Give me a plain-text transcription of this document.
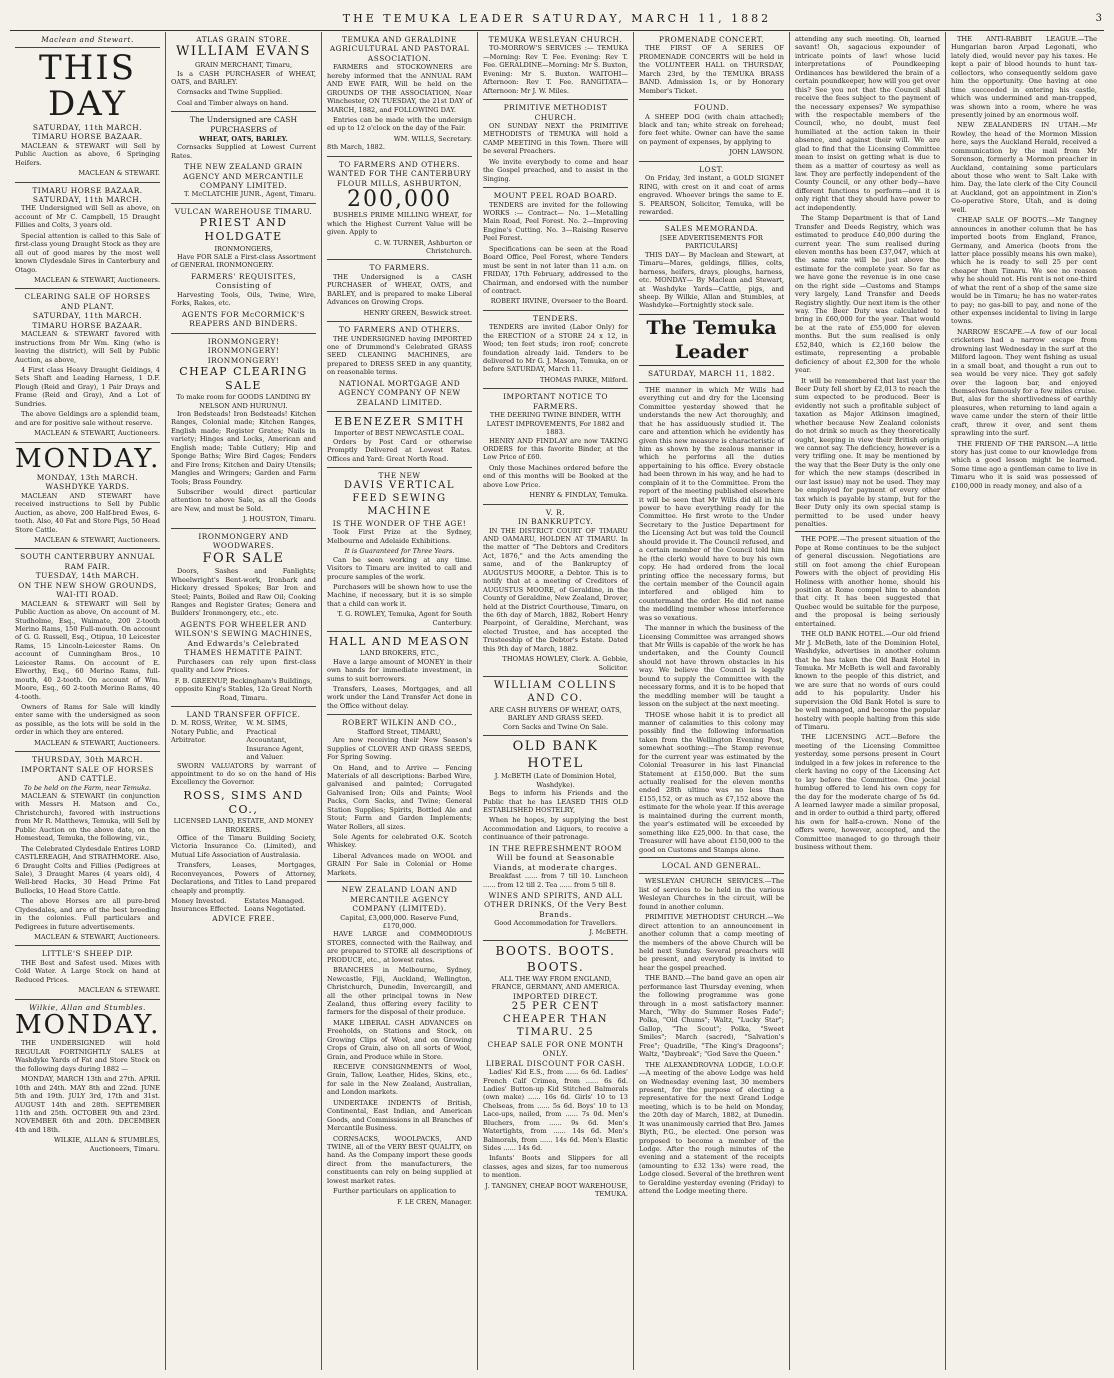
THE TEMUKA LEADER SATURDAY, MARCH 11, 1882	3
Maclean and Stewart.
THIS DAY
SATURDAY, 11th MARCH.
TIMARU HORSE BAZAAR.

MACLEAN & STEWART will Sell by Public Auction as above, 6 Springing Heifers.

MACLEAN & STEWART.
TIMARU HORSE BAZAAR.
SATURDAY, 11th MARCH.

THE Undersigned will Sell as above, on account of Mr C. Campbell, 15 Draught Fillies and Colts, 3 years old.

Special attention is called to this Sale of first-class young Draught Stock as they are all out of good mares by the most well known Clydesdale Sires in Canterbury and Otago.

MACLEAN & STEWART, Auctioneers.
CLEARING SALE OF HORSES AND PLANT.
SATURDAY, 11th MARCH.
TIMARU HORSE BAZAAR.

MACLEAN & STEWART favored with instructions from Mr Wm. King (who is leaving the district), will Sell by Public Auction, as above,

4 First class Heavy Draught Geldings, 4 Sets Shaft and Leading Harness, 1 D.F. Plough (Reid and Gray), 1 Pair Drays and Frame (Reid and Gray), And a Lot of Sundries.

The above Geldings are a splendid team, and are for positive sale without reserve.

MACLEAN & STEWART, Auctioneers.
MONDAY.
MONDAY, 13th MARCH.
WASHDYKE YARDS.

MACLEAN AND STEWART have received instructions to Sell by Public Auction, as above, 200 Half-bred Ewes, 6-tooth. Also, 40 Fat and Store Pigs, 50 Head Store Cattle.

MACLEAN & STEWART, Auctioneers.
SOUTH CANTERBURY ANNUAL RAM FAIR.
TUESDAY, 14th MARCH.
ON THE NEW SHOW GROUNDS, WAI-ITI ROAD.

MACLEAN & STEWART will Sell by Public Auction as above, On account of M. Studholme, Esq., Waimate, 200 2-tooth Merino Rams, 150 Full-mouth. On account of G. G. Russell, Esq., Otipua, 10 Leicester Rams, 15 Lincoln-Leicester Rams. On account of Cunningham Bros., 10 Leicester Rams. On account of E. Elworthy, Esq., 60 Merino Rams, full-mouth, 40 2-tooth. On account of Wm. Moore, Esq., 60 2-tooth Merino Rams, 40 4-tooth.

Owners of Rams for Sale will kindly enter same with the undersigned as soon as possible, as the lots will be sold in the order in which they are entered.

MACLEAN & STEWART, Auctioneers.
THURSDAY, 30th MARCH.
IMPORTANT SALE OF HORSES AND CATTLE.
To be held on the Farm, near Temuka.

MACLEAN & STEWART (in conjunction with Messrs H. Matson and Co., Christchurch), favored with instructions from Mr R. Matthews, Temuka, will Sell by Public Auction on the above date, on the Homestead, Temuka, the following, viz.,

The Celebrated Clydesdale Entires LORD CASTLEREAGH, And STRATHMORE. Also, 6 Draught Colts and Fillies (Pedigrees at Sale), 3 Draught Mares (4 years old), 4 Well-bred Hacks, 30 Head Prime Fat Bullocks, 10 Head Store Cattle.

The above Horses are all pure-bred Clydesdales, and are of the best breeding in the colonies. Full particulars and Pedigrees in future advertisements.

MACLEAN & STEWART, Auctioneers.
LITTLE'S SHEEP DIP.

THE Best and Safest used. Mixes with Cold Water. A Large Stock on hand at Reduced Prices.

MACLEAN & STEWART.
Wilkie, Allan and Stumbles.
MONDAY.

THE UNDERSIGNED will hold REGULAR FORTNIGHTLY SALES at Washdyke Yards of Fat and Store Stock on the following days during 1882 —

MONDAY, MARCH 13th and 27th. APRIL 10th and 24th. MAY 8th and 22nd. JUNE 5th and 19th. JULY 3rd, 17th and 31st. AUGUST 14th and 28th. SEPTEMBER 11th and 25th. OCTOBER 9th and 23rd. NOVEMBER 6th and 20th. DECEMBER 4th and 18th.

WILKIE, ALLAN & STUMBLES, Auctioneers, Timaru.
ATLAS GRAIN STORE.
WILLIAM EVANS
GRAIN MERCHANT, Timaru,

Is a CASH PURCHASER of WHEAT, OATS, and BARLEY.

Cornsacks and Twine Supplied.

Coal and Timber always on hand.

The Undersigned are CASH PURCHASERS of
WHEAT, OATS, BARLEY.

Cornsacks Supplied at Lowest Current Rates.

THE NEW ZEALAND GRAIN AGENCY AND MERCANTILE COMPANY LIMITED.
T. McCLATCHIE JUNR., Agent, Timaru.
VULCAN WAREHOUSE TIMARU.
PRIEST AND HOLDGATE
IRONMONGERS,

Have FOR SALE a First-class Assortment of GENERAL IRONMONGERY.

FARMERS' REQUISITES, Consisting of

Harvesting Tools, Oils, Twine, Wire, Forks, Rakes, etc.

AGENTS FOR McCORMICK'S REAPERS AND BINDERS.
IRONMONGERY! IRONMONGERY! IRONMONGERY!
CHEAP CLEARING SALE
To make room for GOODS LANDING BY NELSON AND HURUNUI.

Iron Bedsteads! Iron Bedsteads! Kitchen Ranges, Colonial made; Kitchen Ranges, English made; Register Grates; Nails in variety; Hinges and Locks, American and English made; Table Cutlery; Hip and Sponge Baths; Wire Bird Cages; Fenders and Fire Irons; Kitchen and Dairy Utensils; Mangles and Wringers; Garden and Farm Tools; Brass Foundry.

Subscriber would direct particular attention to above Sale, as all the Goods are New, and must be Sold.

J. HOUSTON, Timaru.
IRONMONGERY AND WOODWARES.
FOR SALE

Doors, Sashes and Fanlights; Wheelwright's Bent-work, Ironbark and Hickory dressed Spokes; Bar Iron and Steel; Paints, Boiled and Raw Oil; Cooking Ranges and Register Grates; Genera and Builders' Ironmongery, etc., etc.

AGENTS FOR WHEELER AND WILSON'S SEWING MACHINES, And Edwards's Celebrated THAMES HEMATITE PAINT.

Purchasers can rely upon first-class quality and Low Prices.

F. B. GREENUP, Beckingham's Buildings, opposite King's Stables, 12a Great North Road, Timaru.
LAND TRANSFER OFFICE.
D. M. ROSS, Writer, Notary Public, and Arbitrator.
W. M. SIMS, Practical Accountant, Insurance Agent, and Valuer.

SWORN VALUATORS by warrant of appointment to do so on the hand of His Excellency the Governor.

ROSS, SIMS AND CO.,
LICENSED LAND, ESTATE, AND MONEY BROKERS.

Office of the Timaru Building Society, Victoria Insurance Co. (Limited), and Mutual Life Association of Australasia.

Transfers, Leases, Mortgages, Reconveyances, Powers of Attorney, Declarations, and Titles to Land prepared cheaply and promptly.

Money Invested. Insurances Effected.
Estates Managed. Loans Negotiated.
ADVICE FREE.
TEMUKA AND GERALDINE AGRICULTURAL AND PASTORAL ASSOCIATION.

FARMERS and STOCKOWNERS are hereby informed that the ANNUAL RAM AND EWE FAIR, Will be held on the GROUNDS OF THE ASSOCIATION, Near Winchester, ON TUESDAY, the 21st DAY of MARCH, 1882, and FOLLOWING DAY.

Entries can be made with the undersign ed up to 12 o'clock on the day of the Fair.

WM. WILLS, Secretary.
8th March, 1882.
TO FARMERS AND OTHERS.
WANTED FOR THE CANTERBURY FLOUR MILLS, ASHBURTON,
200,000

BUSHELS PRIME MILLING WHEAT, for which the Highest Current Value will be given. Apply to

C. W. TURNER, Ashburton or Christchurch.
TO FARMERS.

THE Undersigned is a CASH PURCHASER of WHEAT, OATS, and BARLEY, and is prepared to make Liberal Advances on Growing Crops.

HENRY GREEN, Beswick street.
TO FARMERS AND OTHERS.

THE UNDERSIGNED having IMPORTED one of Drummond's Celebrated GRASS SEED CLEANING MACHINES, are prepared to DRESS SEED in any quantity, on reasonable terms.

NATIONAL MORTGAGE AND AGENCY COMPANY OF NEW ZEALAND LIMITED.
EBENEZER SMITH
Importer of BEST NEWCASTLE COAL.

Orders by Post Card or otherwise Promptly Delivered at Lowest Rates. Offices and Yard: Great North Road.

THE NEW
DAVIS VERTICAL FEED SEWING MACHINE
IS THE WONDER OF THE AGE!

Took First Prize at the Sydney, Melbourne and Adelaide Exhibitions.

It is Guaranteed for Three Years.

Can be seen working at any time. Visitors to Timaru are invited to call and procure samples of the work.

Purchasers will be shown how to use the Machine, if necessary, but it is so simple that a child can work it.

T. G. ROWLEY, Temuka, Agent for South Canterbury.
HALL AND MEASON
LAND BROKERS, ETC.,

Have a large amount of MONEY in their own hands for immediate investment, in sums to suit borrowers.

Transfers, Leases, Mortgages, and all work under the Land Transfer Act done in the Office without delay.

ROBERT WILKIN AND CO.,
Stafford Street, TIMARU,

Are now receiving their New Season's Supplies of CLOVER AND GRASS SEEDS, For Spring Sowing.

On Hand, and to Arrive — Fencing Materials of all descriptions: Barbed Wire, galvanised and painted; Corrugated Galvanised Iron; Oils and Paints; Wool Packs, Corn Sacks, and Twine; General Station Supplies; Spirits, Bottled Ale and Stout; Farm and Garden Implements; Water Rollers, all sizes.

Sole Agents for celebrated O.K. Scotch Whiskey.

Liberal Advances made on WOOL and GRAIN For Sale in Colonial or Home Markets.

NEW ZEALAND LOAN AND MERCANTILE AGENCY COMPANY (LIMITED).
Capital, £3,000,000. Reserve Fund, £170,000.

HAVE LARGE and COMMODIOUS STORES, connected with the Railway, and are prepared to STORE all descriptions of PRODUCE, etc., at lowest rates.

BRANCHES in Melbourne, Sydney, Newcastle, Fiji, Auckland, Wellington, Christchurch, Dunedin, Invercargill, and all the other principal towns in New Zealand, thus offering every facility to farmers for the disposal of their produce.

MAKE LIBERAL CASH ADVANCES on Freeholds, on Stations and Stock, on Growing Clips of Wool, and on Growing Crops of Grain, also on all sorts of Wool, Grain, and Produce while in Store.

RECEIVE CONSIGNMENTS of Wool, Grain, Tallow, Leather, Hides, Skins, etc., for sale in the New Zealand, Australian, and London markets.

UNDERTAKE INDENTS of British, Continental, East Indian, and American Goods, and Commissions in all Branches of Mercantile Business.

CORNSACKS, WOOLPACKS, AND TWINE, all of the VERY BEST QUALITY, on hand. As the Company import these goods direct from the manufacturers, the constituents can rely on being supplied at lowest market rates.

Further particulars on application to

F. LE CREN, Manager.
TEMUKA WESLEYAN CHURCH.

TO-MORROW'S SERVICES :— TEMUKA—Morning: Rev T. Fee. Evening: Rev T. Fee. GERALDINE—Morning: Mr S. Buxton, Evening: Mr S. Buxton. WAITOHI—Afternoon: Rev T. Fee. RANGITATA—Afternoon: Mr J. W. Miles.

PRIMITIVE METHODIST CHURCH.

ON SUNDAY NEXT the PRIMITIVE METHODISTS of TEMUKA will hold a CAMP MEETING in this Town. There will be several Preachers.

We invite everybody to come and hear the Gospel preached, and to assist in the Singing.

MOUNT PEEL ROAD BOARD.

TENDERS are invited for the following WORKS :— Contract— No. 1—Metalling Main Road, Peel Forest. No. 2—Improving Engine's Cutting. No. 3—Raising Reserve Peel Forest.

Specifications can be seen at the Road Board Office, Peel Forest, where Tenders must be sent in not later than 11 a.m. on FRIDAY, 17th February, addressed to the Chairman, and endorsed with the number of contract.

ROBERT IRVINE, Overseer to the Board.
TENDERS.

TENDERS are invited (Labor Only) for the ERECTION of a STORE 24 x 12, in Wood; ten feet studs; iron roof; concrete foundation already laid. Tenders to be delivered to Mr G. J. Mason, Temuka, on or before SATURDAY, March 11.

THOMAS PARKE, Milford.
IMPORTANT NOTICE TO FARMERS.
THE DEERING TWINE BINDER, WITH LATEST IMPROVEMENTS, For 1882 and 1883.

HENRY AND FINDLAY are now TAKING ORDERS for this favorite Binder, at the Low Price of £60.

Only those Machines ordered before the end of this months will be Booked at the above Low Price.

HENRY & FINDLAY, Temuka.
V. R.
IN BANKRUPTCY.

IN THE DISTRICT COURT OF TIMARU AND OAMARU, HOLDEN AT TIMARU. In the matter of "The Debtors and Creditors Act, 1876," and the Acts amending the same, and of the Bankruptcy of AUGUSTUS MOORE, a Debtor. This is to notify that at a meeting of Creditors of AUGUSTUS MOORE, of Geraldine, in the County of Geraldine, New Zealand, Drover, held at the District Courthouse, Timaru, on the 6th day of March, 1882, Robert Henry Pearpoint, of Geraldine, Merchant, was elected Trustee, and has accepted the Trusteeship of the Debtor's Estate. Dated this 9th day of March, 1882.

THOMAS HOWLEY, Clerk. A. Gebbie, Solicitor.
WILLIAM COLLINS AND CO.
ARE CASH BUYERS OF WHEAT, OATS, BARLEY AND GRASS SEED.
Corn Sacks and Twine On Sale.
OLD BANK HOTEL
J. McBETH (Late of Dominion Hotel, Washdyke).

Begs to inform his Friends and the Public that he has LEASED THIS OLD ESTABLISHED HOSTELRY,

When he hopes, by supplying the best Accommodation and Liquors, to receive a continuance of their patronage.

IN THE REFRESHMENT ROOM Will be found at Seasonable Viands, at moderate charges.

Breakfast ...... from 7 till 10. Luncheon ...... from 12 till 2. Tea ...... from 5 till 8.

WINES AND SPIRITS, AND ALL OTHER DRINKS, Of the Very Best Brands.
Good Accommodation for Travellers.
J. McBETH.
BOOTS. BOOTS. BOOTS.
ALL THE WAY FROM ENGLAND, FRANCE, GERMANY, AND AMERICA.
IMPORTED DIRECT.
25 PER CENT CHEAPER THAN TIMARU. 25
CHEAP SALE FOR ONE MONTH ONLY.
LIBERAL DISCOUNT FOR CASH.

Ladies' Kid E.S., from ...... 6s 6d. Ladies' French Calf Crimea, from ...... 6s 6d. Ladies' Button-up Kid Stitched Balmorals (own make) ...... 16s 6d. Girls' 10 to 13 Chelseas, from ...... 5s 6d. Boys' 10 to 13 Lace-ups, nailed, from ...... 7s 0d. Men's Bluchers, from ...... 9s 6d. Men's Watertights, from ...... 14s 6d. Men's Balmorals, from ...... 14s 6d. Men's Elastic Sides ...... 14s 6d.

Infants' Boots and Slippers for all classes, ages and sizes, far too numerous to mention.

J. TANGNEY, CHEAP BOOT WAREHOUSE, TEMUKA.
PROMENADE CONCERT.

THE FIRST OF A SERIES OF PROMENADE CONCERTS will be held in the VOLUNTEER HALL on THURSDAY, March 23rd, by the TEMUKA BRASS BAND. Admission 1s, or by Honorary Member's Ticket.

FOUND.

A SHEEP DOG (with chain attached); black and tan; white streak on forehead; fore feet white. Owner can have the same on payment of expenses, by applying to

JOHN LAWSON.
LOST.

On Friday, 3rd instant, a GOLD SIGNET RING, with crest on it and coat of arms engraved. Whoever brings the same to E. S. PEARSON, Solicitor, Temuka, will be rewarded.

SALES MEMORANDA.
[SEE ADVERTISEMENTS FOR PARTICULARS]

THIS DAY— By Maclean and Stewart, at Timaru—Mares, geldings, fillies, colts, harness, heifers, drays, ploughs, harness, etc. MONDAY— By Maclean and Stewart, at Washdyke Yards—Cattle, pigs, and sheep. By Wilkie, Allan and Stumbles, at Washdyke—Fortnightly stock sale.

The Temuka Leader
SATURDAY, MARCH 11, 1882.

THE manner in which Mr Wills had everything cut and dry for the Licensing Committee yesterday showed that he understands the new Act thoroughly, and that he has assiduously studied it. The care and attention which he evidently has given this new measure is characteristic of him as shown by the zealous manner in which he performs all the duties appertaining to his office. Every obstacle had been thrown in his way, and he had to complain of it to the Committee. From the report of the meeting published elsewhere it will be seen that Mr Wills did all in his power to have everything ready for the Committee. He first wrote to the Under Secretary to the Justice Department for the Licensing Act but was told the Council should provide it. The Council refused, and a certain member of the Council told him he (the clerk) would have to buy his own copy. He had ordered from the local printing office the necessary forms, but the certain member of the Council again interfered and obliged him to countermand the order. He did not name the meddling member whose interference was so vexatious.

The manner in which the business of the Licensing Committee was arranged shows that Mr Wills is capable of the work he has undertaken, and the County Council should not have thrown obstacles in his way. We believe the Council is legally bound to supply the Committee with the necessary forms, and it is to be hoped that the meddling member will be taught a lesson on the subject at the next meeting.

THOSE whose habit it is to predict all manner of calamities to this colony may possibly find the following information taken from the Wellington Evening Post, somewhat soothing:—The Stamp revenue for the current year was estimated by the Colonial Treasurer in his last Financial Statement at £150,000. But the sum actually realised for the eleven months ended 28th ultimo was no less than £155,152, or as much as £7,152 above the estimate for the whole year. If this average is maintained during the current month, the year's estimated will be exceeded by something like £25,000. In that case, the Treasurer will have about £150,000 to the good on Customs and Stamps alone.

LOCAL AND GENERAL.

WESLEYAN CHURCH SERVICES.—The list of services to be held in the various Wesleyan Churches in the circuit, will be found in another column.

PRIMITIVE METHODIST CHURCH.—We direct attention to an announcement in another column that a camp meeting of the members of the above Church will be held next Sunday. Several preachers will be present, and everybody is invited to hear the gospel preached.

THE BAND.—The band gave an open air performance last Thursday evening, when the following programme was gone through in a most satisfactory manner. March, "Why do Summer Roses Fade"; Polka, "Old Chums"; Waltz, "Lucky Star"; Gallop, "The Scout"; Polka, "Sweet Smiles"; March (sacred), "Salvation's Free"; Quadrille, "The King's Dragoons"; Waltz, "Daybreak"; "God Save the Queen."

THE ALEXANDROVNA LODGE, I.O.O.F.—A meeting of the above Lodge was held on Wednesday evening last, 30 members present, for the purpose of electing a representative for the next Grand Lodge meeting, which is to be held on Monday, the 20th day of March, 1882, at Dunedin. It was unanimously carried that Bro. James Blyth, P.G., be elected. One person was proposed to become a member of the Lodge. After the rough minutes of the evening and a statement of the receipts (amounting to £32 13s) were read, the Lodge closed. Several of the brethren went to Geraldine yesterday evening (Friday) to attend the Lodge meeting there.

attending any such meeting. Oh, learned savant! Oh, sagacious expounder of intricate points of law! whose lucid interpretations of Poundkeeping Ordinances has bewildered the brain of a certain poundkeeper, how will you get over this? See you not that the Council shall receive the fees subject to the payment of the necessary expenses? We sympathise with the respectable members of the Council, who, no doubt, must feel humiliated at the action taken in their absence, and against their will. We are glad to find that the Licensing Committee mean to insist on getting what is due to them as a matter of courtesy as well as law. They are perfectly independent of the County Council, or any other body—have different functions to perform—and it is only right that they should have power to act independently.

The Stamp Department is that of Land Transfer and Deeds Registry, which was estimated to produce £40,000 during the current year. The sum realised during eleven months has been £37,047, which at the same rate will be just above the estimate for the complete year. So far as we have gone the revenue is in one case on the right side —Customs and Stamps very largely, Land Transfer and Deeds Registry slightly. Our next item is the other way. The Beer Duty was calculated to bring in £60,000 for the year. That would be at the rate of £55,000 for eleven months. But the sum realised is only £52,840, which is £2,160 below the estimate, representing a probable deficiency of about £2,300 for the whole year.

It will be remembered that last year the Beer Duty fell short by £2,013 to reach the sum expected to be produced. Beer is evidently not such a profitable subject of taxation as Major Atkinson imagined, whether because New Zealand colonists do not drink so much as they theoretically ought, keeping in view their British origin we cannot say. The deficiency, however is a very trifling one. It may be mentioned by the way that the Beer Duty is the only one for which the new stamps (described in our last issue) may not be used. They may be employed for payment of every other tax which is payable by stamp, but for the Beer Duty only its own special stamp is permitted to be used under heavy penalties.

THE POPE.—The present situation of the Pope at Rome continues to be the subject of general discussion. Negotiations are still on foot among the chief European Powers with the object of providing His Holiness with another home, should his position at Rome compel him to abandon that city. It has been suggested that Quebec would be suitable for the purpose, and the proposal is being seriously entertained.

THE OLD BANK HOTEL.—Our old friend Mr J. McBeth, late of the Dominion Hotel, Washdyke, advertises in another column that he has taken the Old Bank Hotel in Temuka. Mr McBeth is well and favorably known to the people of this district, and we are sure that no words of ours could add to his popularity. Under his supervision the Old Bank Hotel is sure to be well managed, and become the popular hostelry with people halting from this side of Timaru.

THE LICENSING ACT.—Before the meeting of the Licensing Committee yesterday, some persons present in Court indulged in a few jokes in reference to the clerk having no copy of the Licensing Act to lay before the Committee. One jocial humbug offered to lend his own copy for the day for the moderate charge of 5s 6d. A learned lawyer made a similar proposal, and in order to outbid a third party, offered his own for half-a-crown. None of the offers were, however, accepted, and the Committee managed to go through their business without them.

THE ANTI-RABBIT LEAGUE.—The Hungarian baron Arpad Legonati, who lately died, would never pay his taxes. He kept a pair of blood hounds to hunt tax-collectors, who consequently seldom gave him the opportunity. One having at one time succeeded in entering his castle, which was undermined and man-trapped, was shown into a room, where he was presently joined by an enormous wolf.

NEW ZEALANDERS IN UTAH.—Mr Rowley, the head of the Mormon Mission here, says the Auckland Herald, received a communication by the mail from Mr Sorenson, formerly a Mormon preacher in Auckland, containing some particulars about those who went to Salt Lake with him. Day, the late clerk of the City Council at Auckland, got an appointment in Zion's Co-operative Store, Utah, and is doing well.

CHEAP SALE OF BOOTS.—Mr Tangney announces in another column that he has imported boots from England, France, Germany, and America (boots from the latter place possibly means his own make), which he is ready to sell 25 per cent cheaper than Timaru. We see no reason why he should not. His rent is not one-third of what the rent of a shop of the same size would be in Timaru; he has no water-rates to pay; no gas-bill to pay, and none of the other expenses incidental to living in large towns.

NARROW ESCAPE.—A few of our local cricketers had a narrow escape from drowning last Wednesday in the surf at the Milford lagoon. They went fishing as usual in a small boat, and thought a run out to sea would be very nice. They got safely over the lagoon bar, and enjoyed themselves famously for a few miles cruise. But, alas for the shortlivedness of earthly pleasures, when returning to land again a wave came under the stern of their little craft, threw it over, and sent them sprawling into the surf.

THE FRIEND OF THE PARSON.—A little story has just come to our knowledge from which a good lesson might be learned. Some time ago a gentleman came to live in Timaru who it is said was possessed of £100,000 in ready money, and also of a
